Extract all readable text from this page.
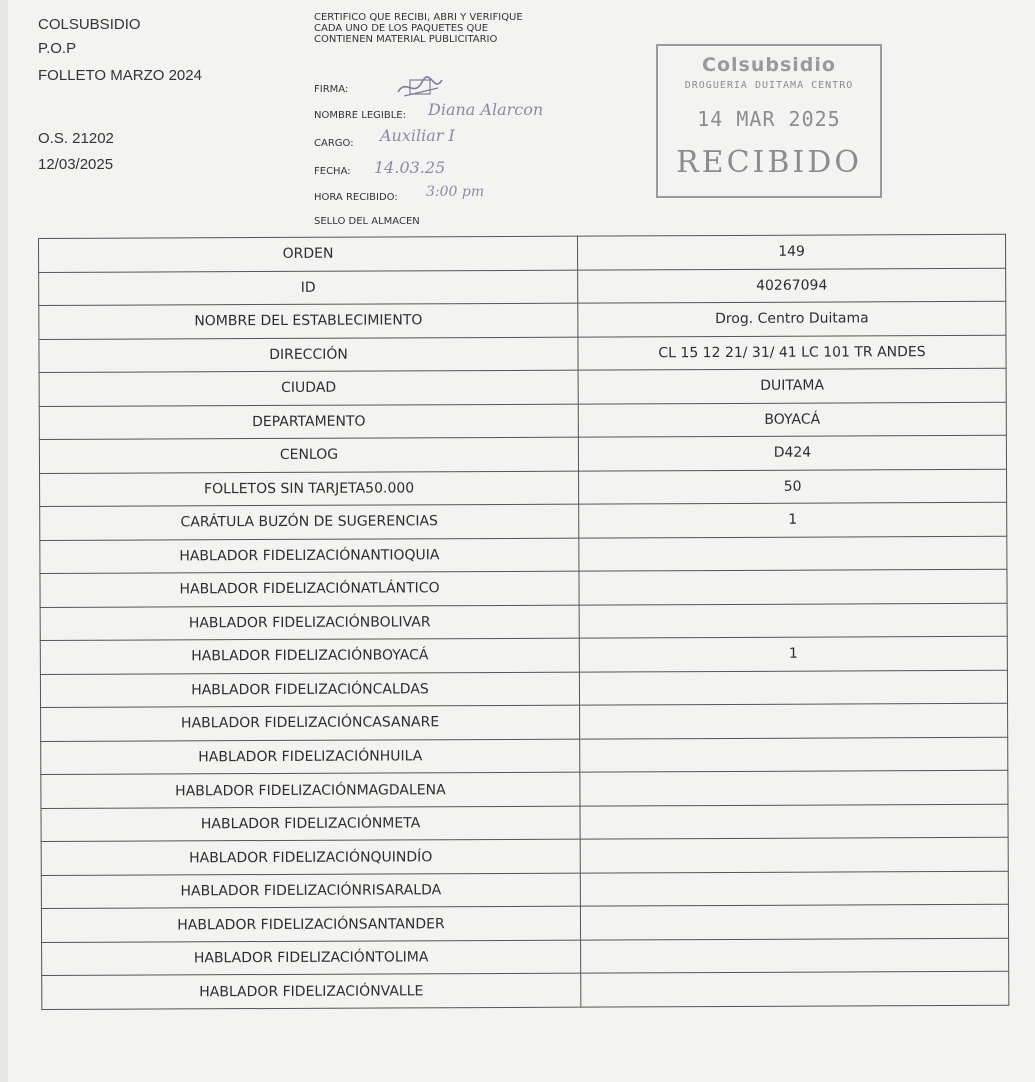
COLSUBSIDIO
P.O.P
FOLLETO MARZO 2024
O.S. 21202
12/03/2025
CERTIFICO QUE RECIBI, ABRI Y VERIFIQUE CADA UNO DE LOS PAQUETES QUE CONTIENEN MATERIAL PUBLICITARIO
FIRMA:
NOMBRE LEGIBLE: Diana Alarcon
CARGO: Auxiliar I
FECHA: 14.03.25
HORA RECIBIDO: 3:00 pm
SELLO DEL ALMACEN
Colsubsidio
DROGUERIA DUITAMA CENTRO
14 MAR 2025
RECIBIDO
ORDEN	149
ID	40267094
NOMBRE DEL ESTABLECIMIENTO	Drog. Centro Duitama
DIRECCIÓN	CL 15 12 21/ 31/ 41 LC 101 TR ANDES
CIUDAD	DUITAMA
DEPARTAMENTO	BOYACÁ
CENLOG	D424
FOLLETOS SIN TARJETA50.000	50
CARÁTULA BUZÓN DE SUGERENCIAS	1
HABLADOR FIDELIZACIÓNANTIOQUIA	
HABLADOR FIDELIZACIÓNATLÁNTICO	
HABLADOR FIDELIZACIÓNBOLIVAR	
HABLADOR FIDELIZACIÓNBOYACÁ	1
HABLADOR FIDELIZACIÓNCALDAS	
HABLADOR FIDELIZACIÓNCASANARE	
HABLADOR FIDELIZACIÓNHUILA	
HABLADOR FIDELIZACIÓNMAGDALENA	
HABLADOR FIDELIZACIÓNMETA	
HABLADOR FIDELIZACIÓNQUINDÍO	
HABLADOR FIDELIZACIÓNRISARALDA	
HABLADOR FIDELIZACIÓNSANTANDER	
HABLADOR FIDELIZACIÓNTOLIMA	
HABLADOR FIDELIZACIÓNVALLE	
